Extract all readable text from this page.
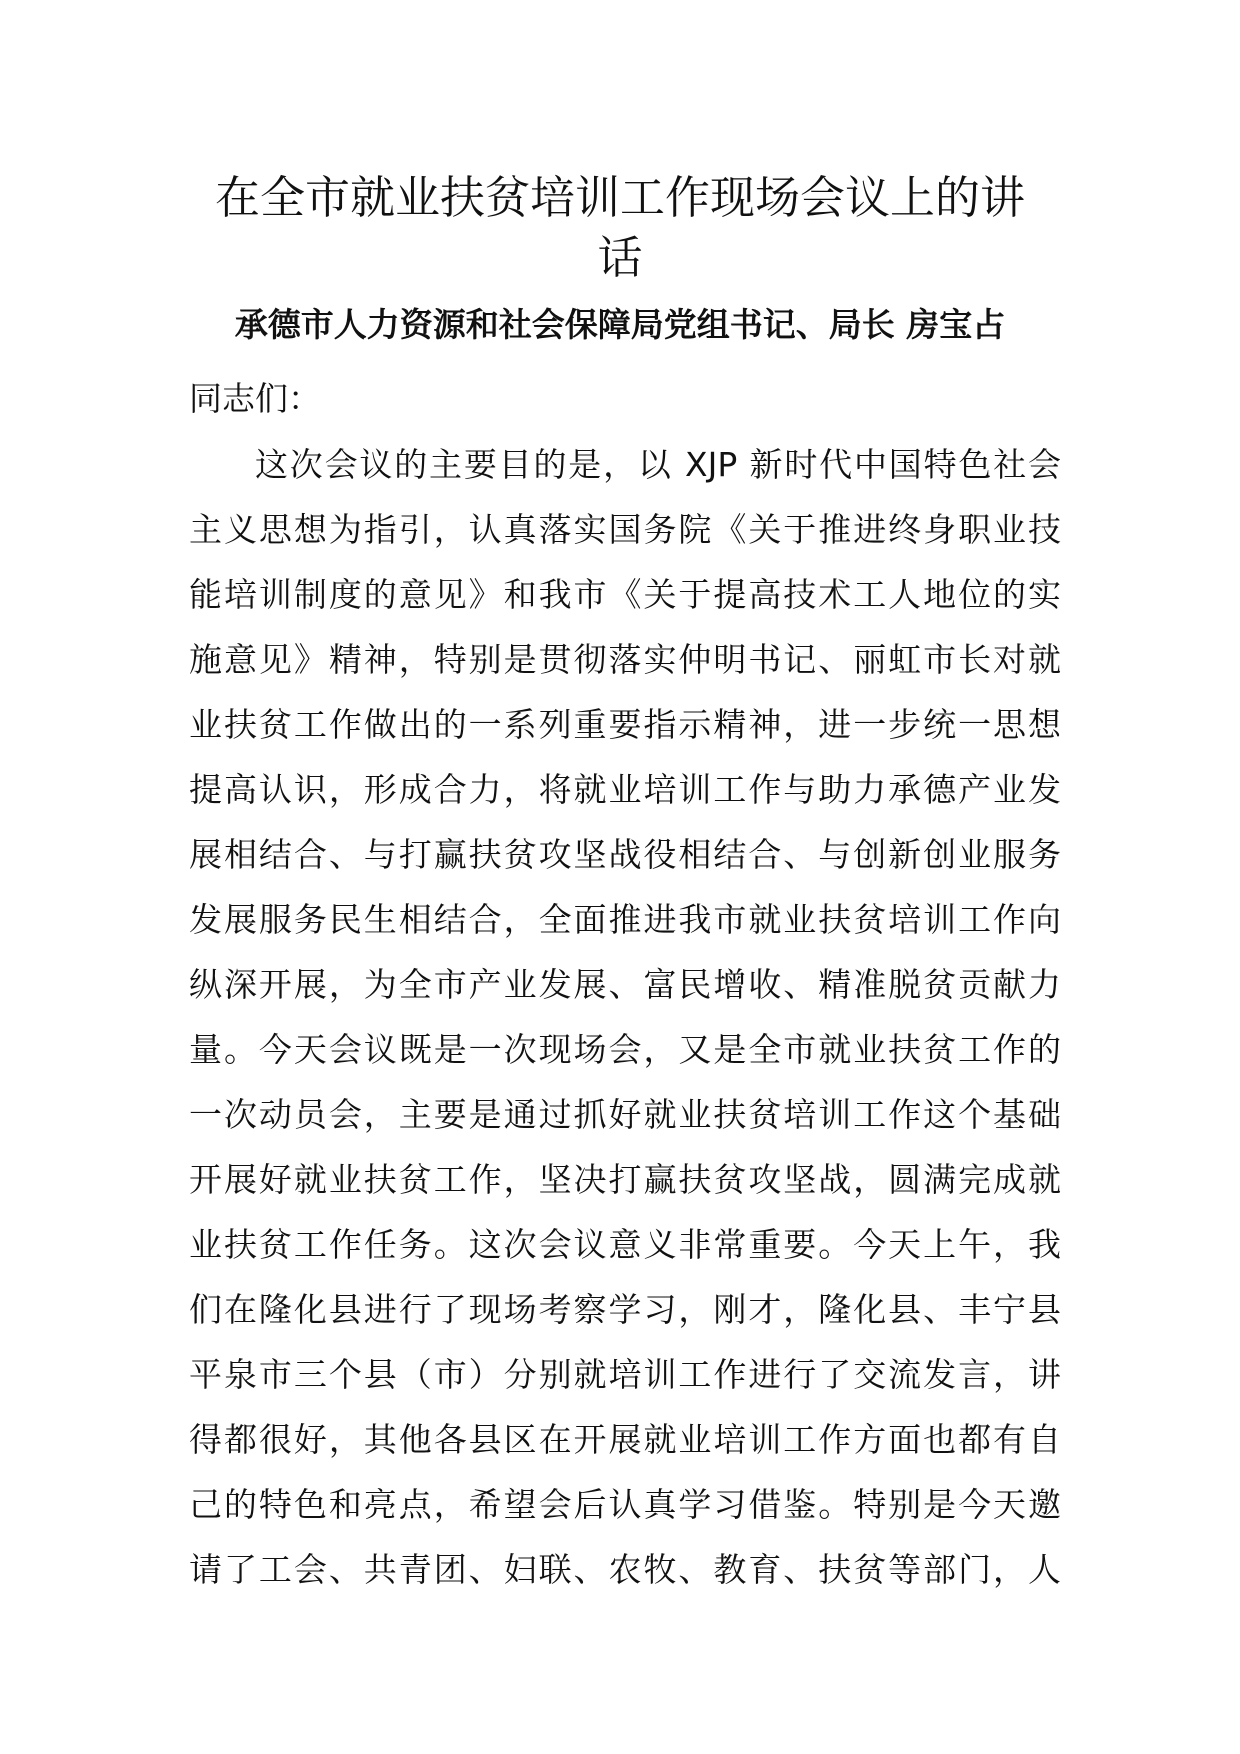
在全市就业扶贫培训工作现场会议上的讲
话
承德市人力资源和社会保障局党组书记、局长 房宝占
同志们：
这次会议的主要目的是，以 XJP 新时代中国特色社会
主义思想为指引，认真落实国务院《关于推进终身职业技
能培训制度的意见》和我市《关于提高技术工人地位的实
施意见》精神，特别是贯彻落实仲明书记、丽虹市长对就
业扶贫工作做出的一系列重要指示精神，进一步统一思想
提高认识，形成合力，将就业培训工作与助力承德产业发
展相结合、与打赢扶贫攻坚战役相结合、与创新创业服务
发展服务民生相结合，全面推进我市就业扶贫培训工作向
纵深开展，为全市产业发展、富民增收、精准脱贫贡献力
量。今天会议既是一次现场会，又是全市就业扶贫工作的
一次动员会，主要是通过抓好就业扶贫培训工作这个基础
开展好就业扶贫工作，坚决打赢扶贫攻坚战，圆满完成就
业扶贫工作任务。这次会议意义非常重要。今天上午，我
们在隆化县进行了现场考察学习，刚才，隆化县、丰宁县
平泉市三个县（市）分别就培训工作进行了交流发言，讲
得都很好，其他各县区在开展就业培训工作方面也都有自
己的特色和亮点，希望会后认真学习借鉴。特别是今天邀
请了工会、共青团、妇联、农牧、教育、扶贫等部门，人
